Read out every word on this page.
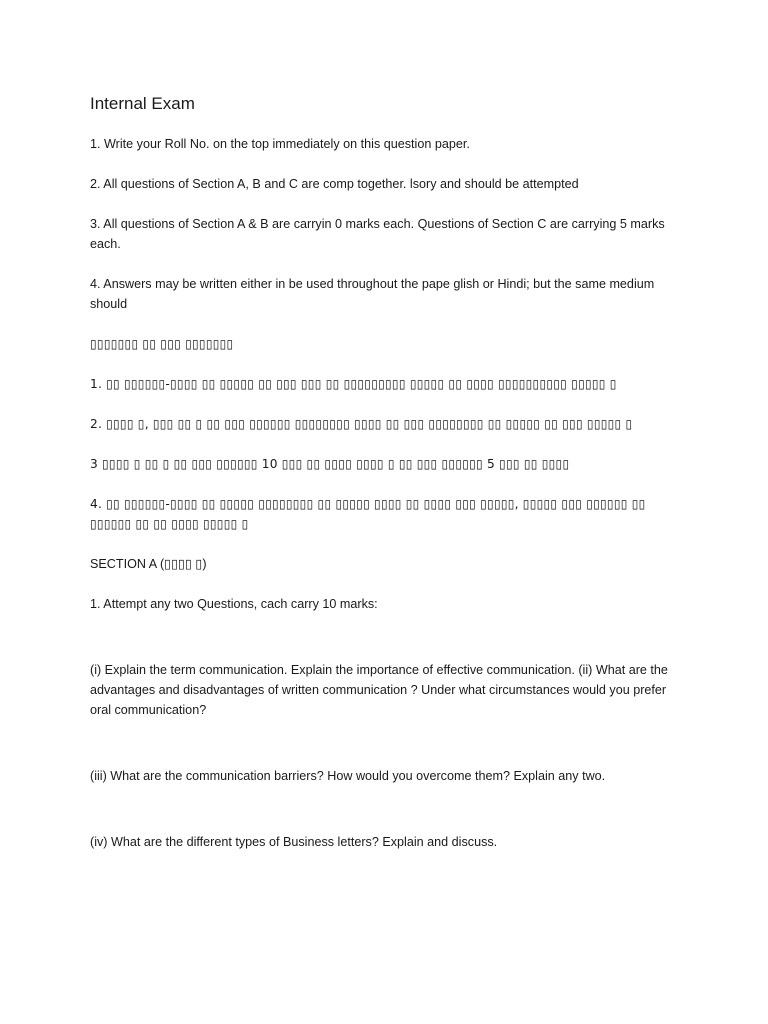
Internal Exam

1. Write your Roll No. on the top immediately on this question paper.

2. All questions of Section A, B and C are comp together. lsory and should be attempted

3. All questions of Section A & B are carryin 0 marks each. Questions of Section C are carrying 5 marks each.

4. Answers may be written either in be used throughout the pape glish or Hindi; but the same medium should

▯▯▯▯▯▯▯ ▯▯ ▯▯▯ ▯▯▯▯▯▯▯

1. ▯▯ ▯▯▯▯▯▯-▯▯▯▯ ▯▯ ▯▯▯▯▯ ▯▯ ▯▯▯ ▯▯▯ ▯▯ ▯▯▯▯▯▯▯▯▯ ▯▯▯▯▯ ▯▯ ▯▯▯▯ ▯▯▯▯▯▯▯▯▯▯ ▯▯▯▯▯ ▯

2. ▯▯▯▯ ▯, ▯▯▯ ▯▯ ▯ ▯▯ ▯▯▯ ▯▯▯▯▯▯ ▯▯▯▯▯▯▯▯ ▯▯▯▯ ▯▯ ▯▯▯ ▯▯▯▯▯▯▯▯ ▯▯ ▯▯▯▯▯ ▯▯ ▯▯▯ ▯▯▯▯▯ ▯

3 ▯▯▯▯ ▯ ▯▯ ▯ ▯▯ ▯▯▯ ▯▯▯▯▯▯ 10 ▯▯▯ ▯▯ ▯▯▯▯ ▯▯▯▯ ▯ ▯▯ ▯▯▯ ▯▯▯▯▯▯ 5 ▯▯▯ ▯▯ ▯▯▯▯

4. ▯▯ ▯▯▯▯▯▯-▯▯▯▯ ▯▯ ▯▯▯▯▯ ▯▯▯▯▯▯▯▯ ▯▯ ▯▯▯▯▯ ▯▯▯▯ ▯▯ ▯▯▯▯ ▯▯▯ ▯▯▯▯▯, ▯▯▯▯▯ ▯▯▯ ▯▯▯▯▯▯ ▯▯ ▯▯▯▯▯▯ ▯▯ ▯▯ ▯▯▯▯ ▯▯▯▯▯ ▯

SECTION A (▯▯▯▯ ▯)

1. Attempt any two Questions, cach carry 10 marks:

(i) Explain the term communication. Explain the importance of effective communication. (ii) What are the advantages and disadvantages of written communication ? Under what circumstances would you prefer oral communication?

(iii) What are the communication barriers? How would you overcome them? Explain any two.

(iv) What are the different types of Business letters? Explain and discuss.
